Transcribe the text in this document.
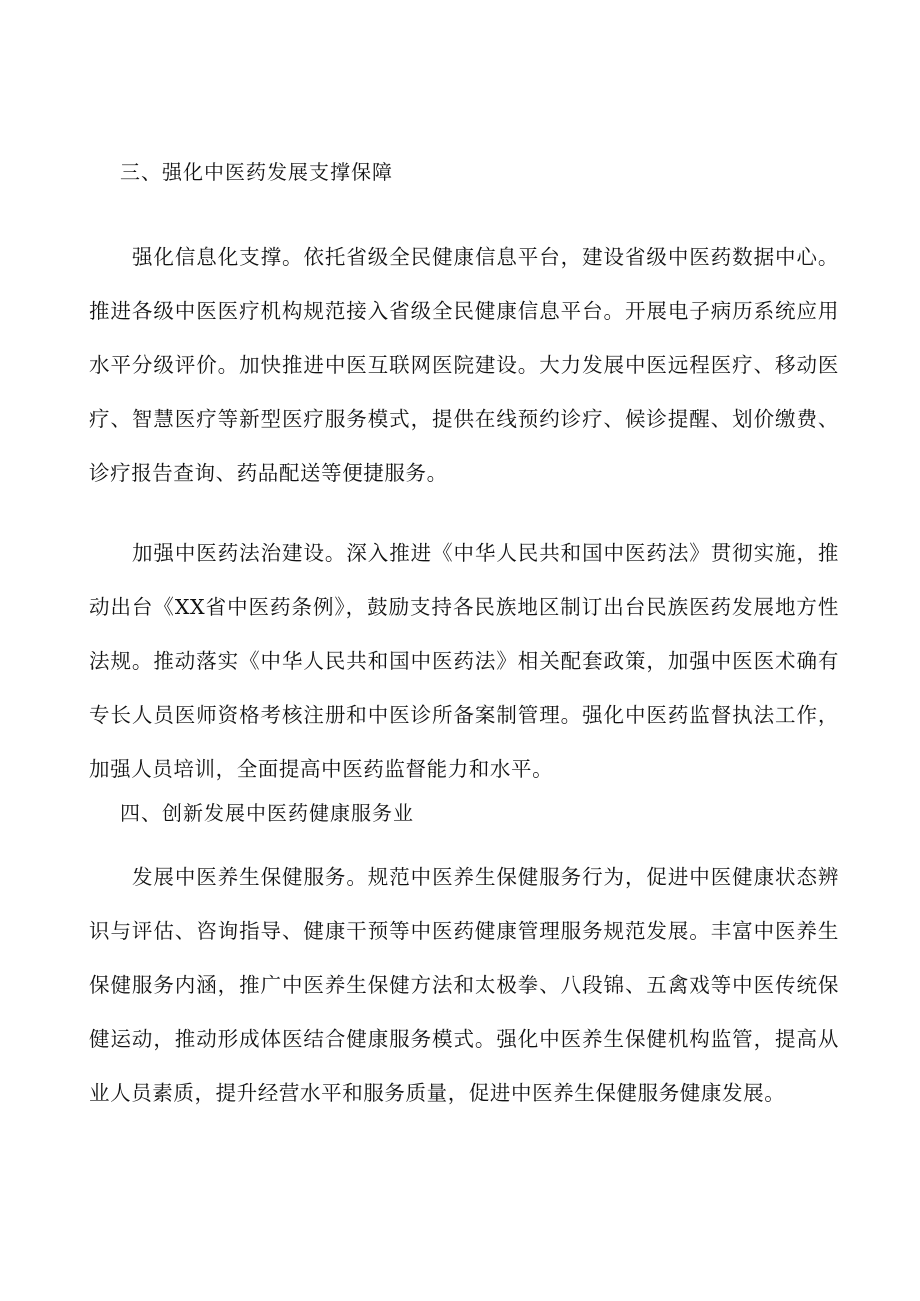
三、强化中医药发展支撑保障

强化信息化支撑。依托省级全民健康信息平台，建设省级中医药数据中心。推进各级中医医疗机构规范接入省级全民健康信息平台。开展电子病历系统应用水平分级评价。加快推进中医互联网医院建设。大力发展中医远程医疗、移动医疗、智慧医疗等新型医疗服务模式，提供在线预约诊疗、候诊提醒、划价缴费、诊疗报告查询、药品配送等便捷服务。

加强中医药法治建设。深入推进《中华人民共和国中医药法》贯彻实施，推动出台《XX省中医药条例》，鼓励支持各民族地区制订出台民族医药发展地方性法规。推动落实《中华人民共和国中医药法》相关配套政策，加强中医医术确有专长人员医师资格考核注册和中医诊所备案制管理。强化中医药监督执法工作，加强人员培训，全面提高中医药监督能力和水平。

四、创新发展中医药健康服务业

发展中医养生保健服务。规范中医养生保健服务行为，促进中医健康状态辨识与评估、咨询指导、健康干预等中医药健康管理服务规范发展。丰富中医养生保健服务内涵，推广中医养生保健方法和太极拳、八段锦、五禽戏等中医传统保健运动，推动形成体医结合健康服务模式。强化中医养生保健机构监管，提高从业人员素质，提升经营水平和服务质量，促进中医养生保健服务健康发展。
